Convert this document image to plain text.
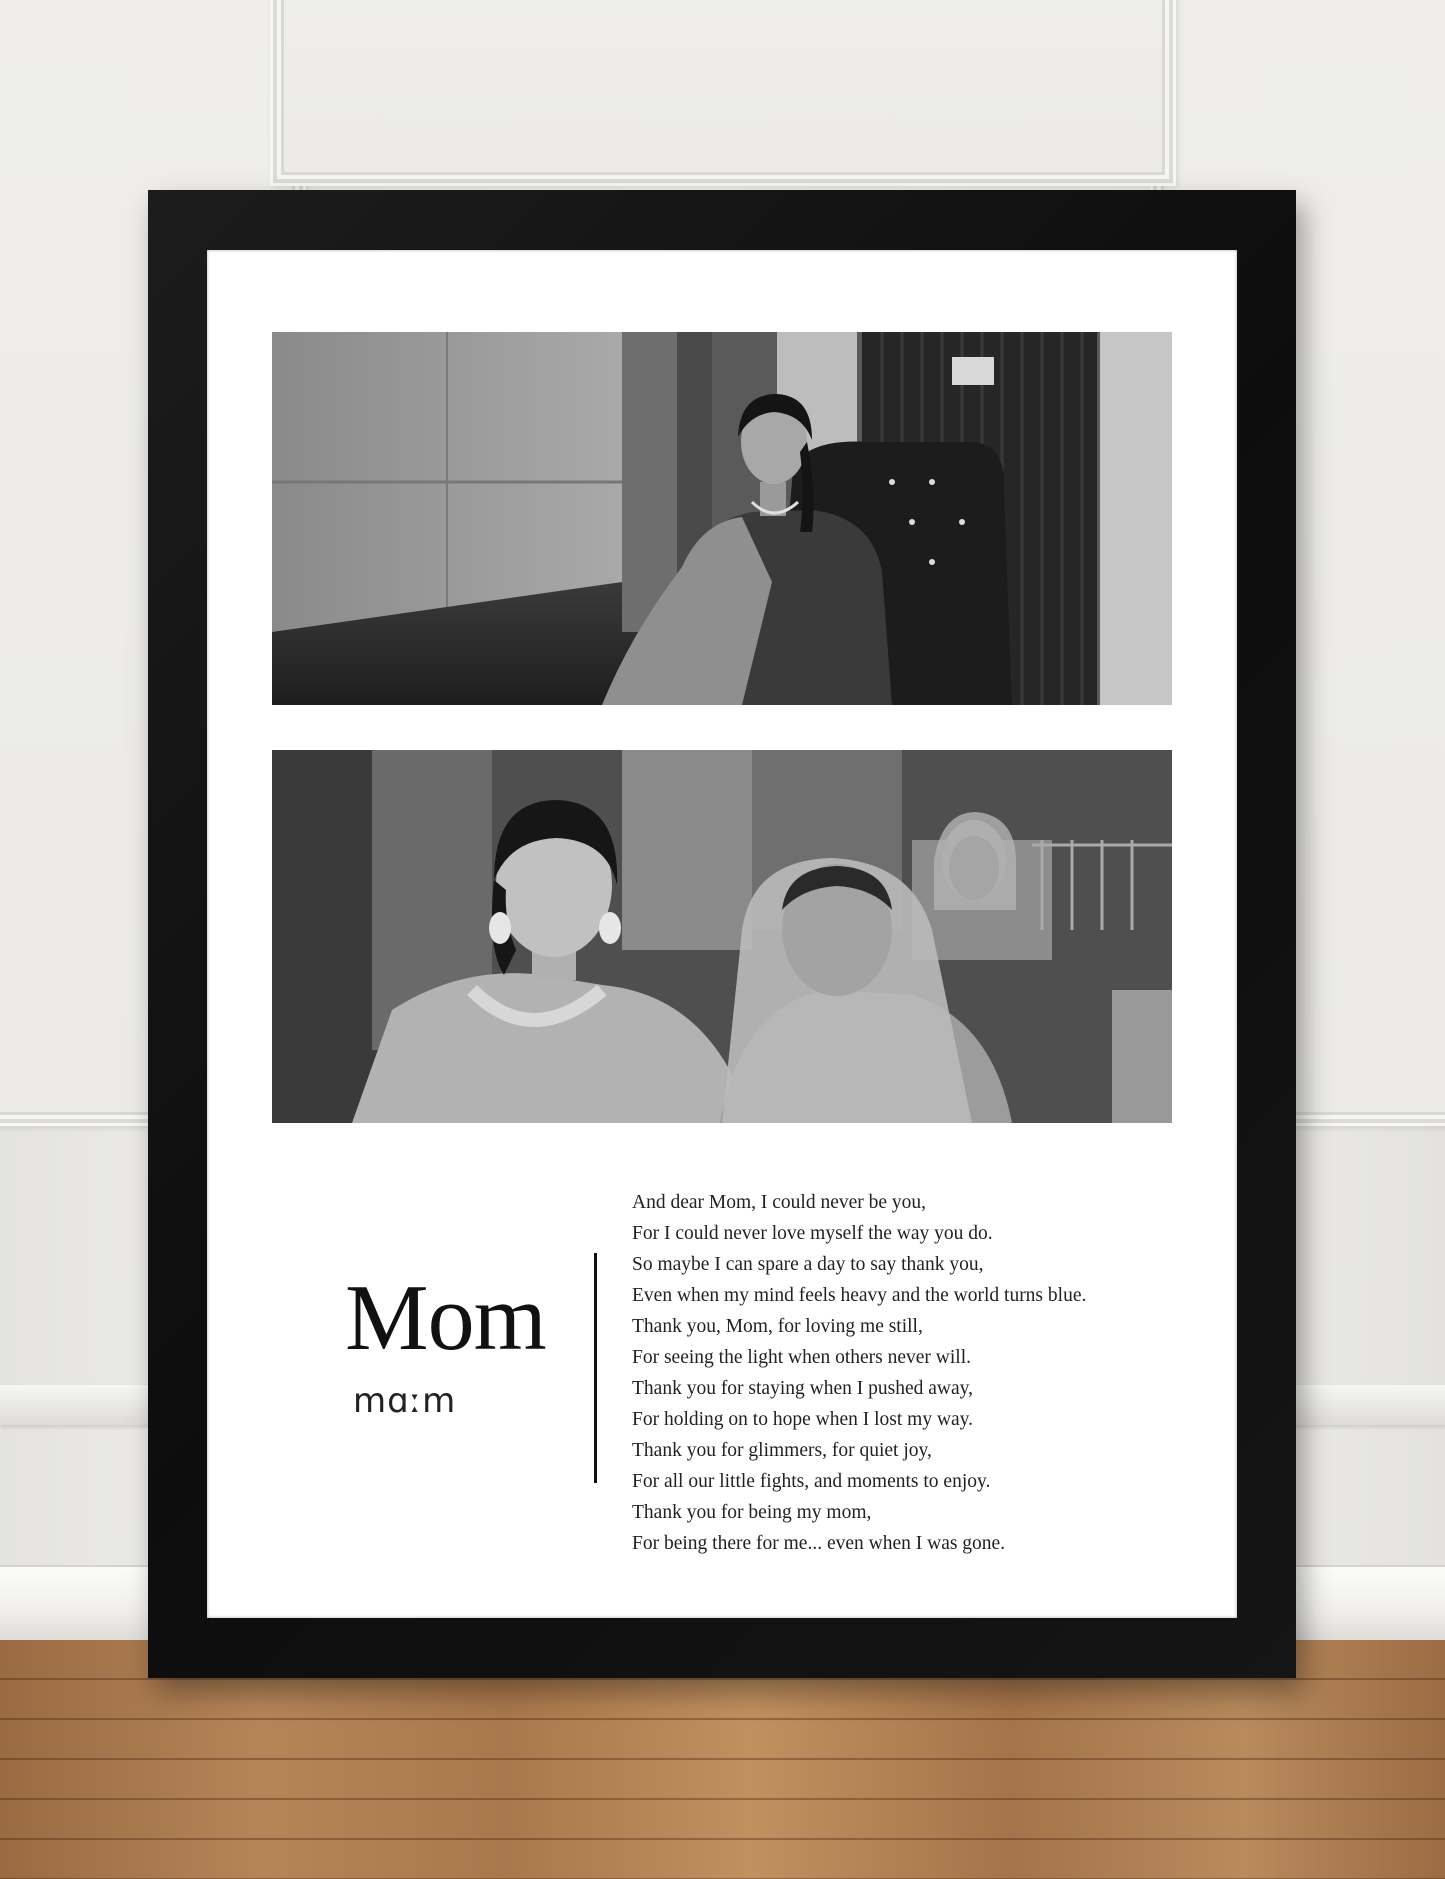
Mom
mɑːm
And dear Mom, I could never be you,
For I could never love myself the way you do.
So maybe I can spare a day to say thank you,
Even when my mind feels heavy and the world turns blue.
Thank you, Mom, for loving me still,
For seeing the light when others never will.
Thank you for staying when I pushed away,
For holding on to hope when I lost my way.
Thank you for glimmers, for quiet joy,
For all our little fights, and moments to enjoy.
Thank you for being my mom,
For being there for me... even when I was gone.
